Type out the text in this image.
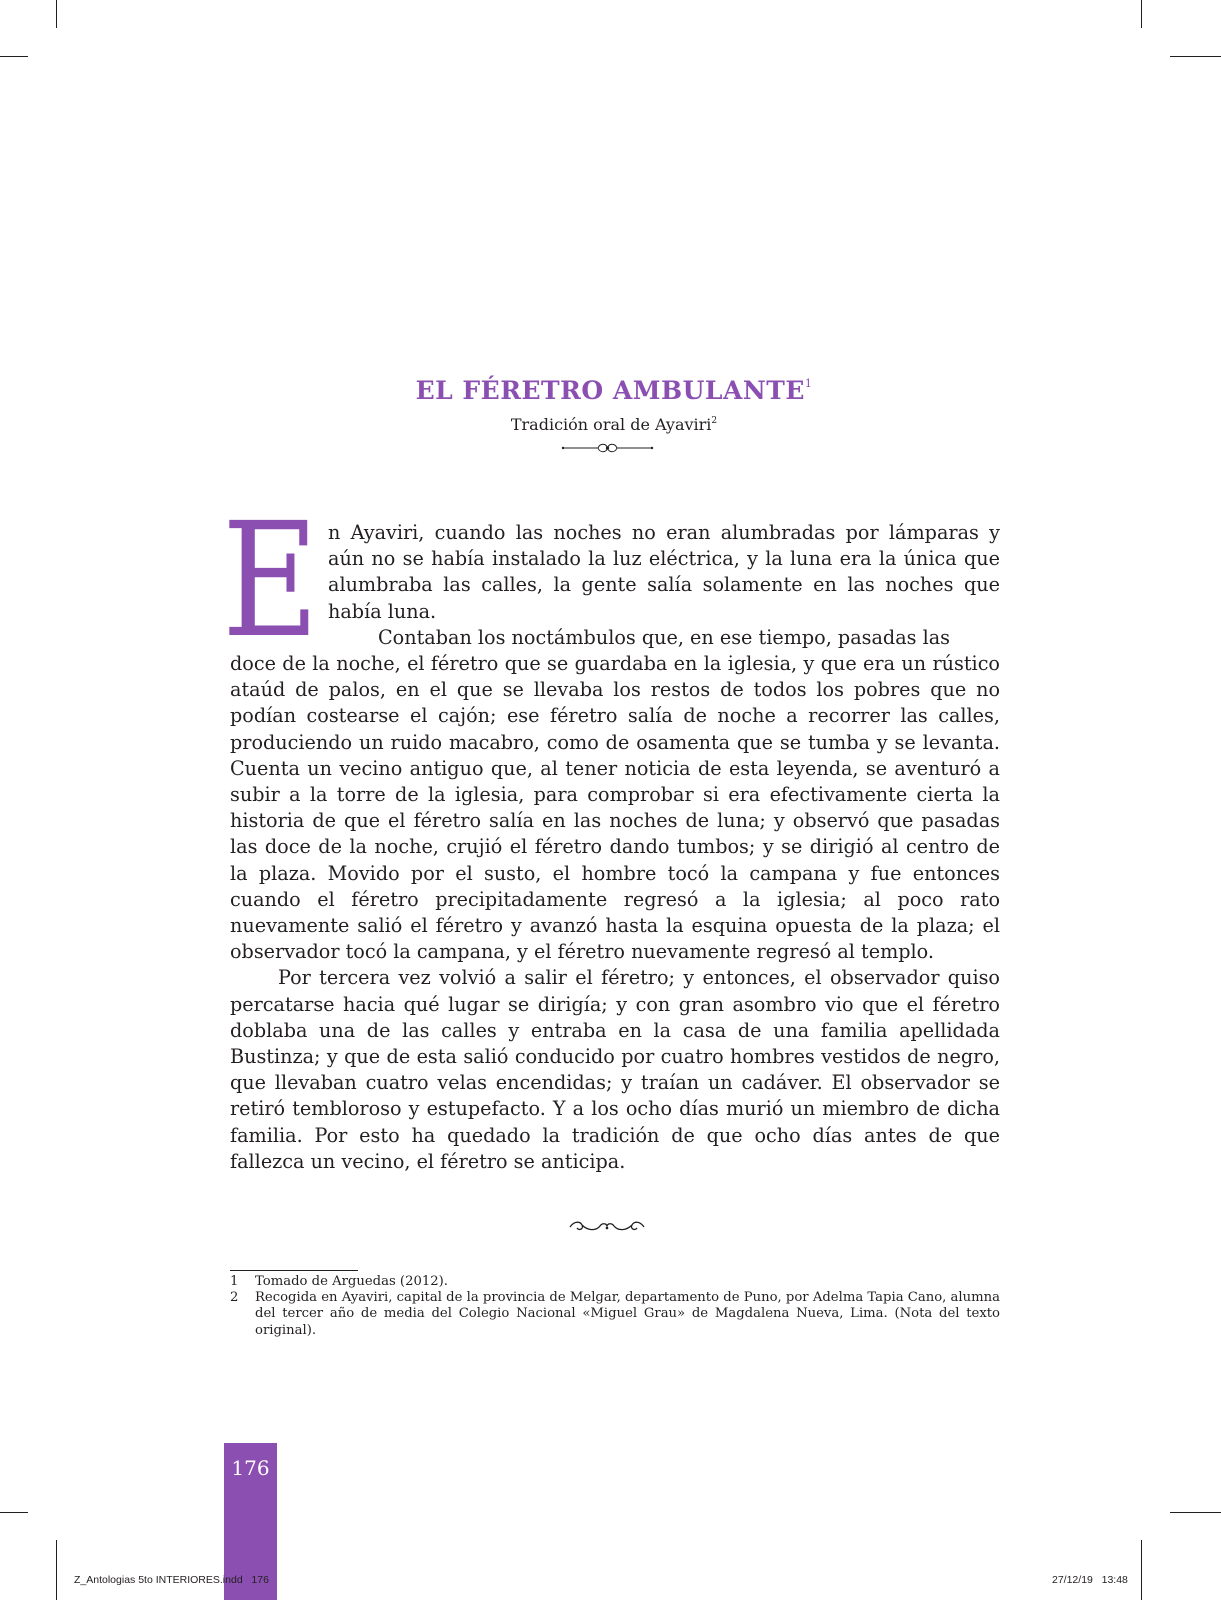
EL FÉRETRO AMBULANTE$^1$
Tradición oral de Ayaviri$^2$
E n Ayaviri, cuando las noches no eran alumbradas por lámparas y aún no se había instalado la luz eléctrica, y la luna era la única que alumbraba las calles, la gente salía solamente en las noches que había luna.

Contaban los noctámbulos que, en ese tiempo, pasadas las

doce de la noche, el féretro que se guardaba en la iglesia, y que era un rústico ataúd de palos, en el que se llevaba los restos de todos los pobres que no podían costearse el cajón; ese féretro salía de noche a recorrer las calles, produciendo un ruido macabro, como de osamenta que se tumba y se levanta. Cuenta un vecino antiguo que, al tener noticia de esta leyenda, se aventuró a subir a la torre de la iglesia, para comprobar si era efectivamente cierta la historia de que el féretro salía en las noches de luna; y observó que pasadas las doce de la noche, crujió el féretro dando tumbos; y se dirigió al centro de la plaza. Movido por el susto, el hombre tocó la campana y fue entonces cuando el féretro precipitadamente regresó a la iglesia; al poco rato nuevamente salió el féretro y avanzó hasta la esquina opuesta de la plaza; el observador tocó la campana, y el féretro nuevamente regresó al templo.

Por tercera vez volvió a salir el féretro; y entonces, el observador quiso percatarse hacia qué lugar se dirigía; y con gran asombro vio que el féretro doblaba una de las calles y entraba en la casa de una familia apellidada Bustinza; y que de esta salió conducido por cuatro hombres vestidos de negro, que llevaban cuatro velas encendidas; y traían un cadáver. El observador se retiró tembloroso y estupefacto. Y a los ocho días murió un miembro de dicha familia. Por esto ha quedado la tradición de que ocho días antes de que fallezca un vecino, el féretro se anticipa.

1	Tomado de Arguedas (2012).
2	Recogida en Ayaviri, capital de la provincia de Melgar, departamento de Puno, por Adelma Tapia Cano, alumna del tercer año de media del Colegio Nacional «Miguel Grau» de Magdalena Nueva, Lima. (Nota del texto original).
176
Z_Antologias 5to INTERIORES.indd   176	27/12/19   13:48
